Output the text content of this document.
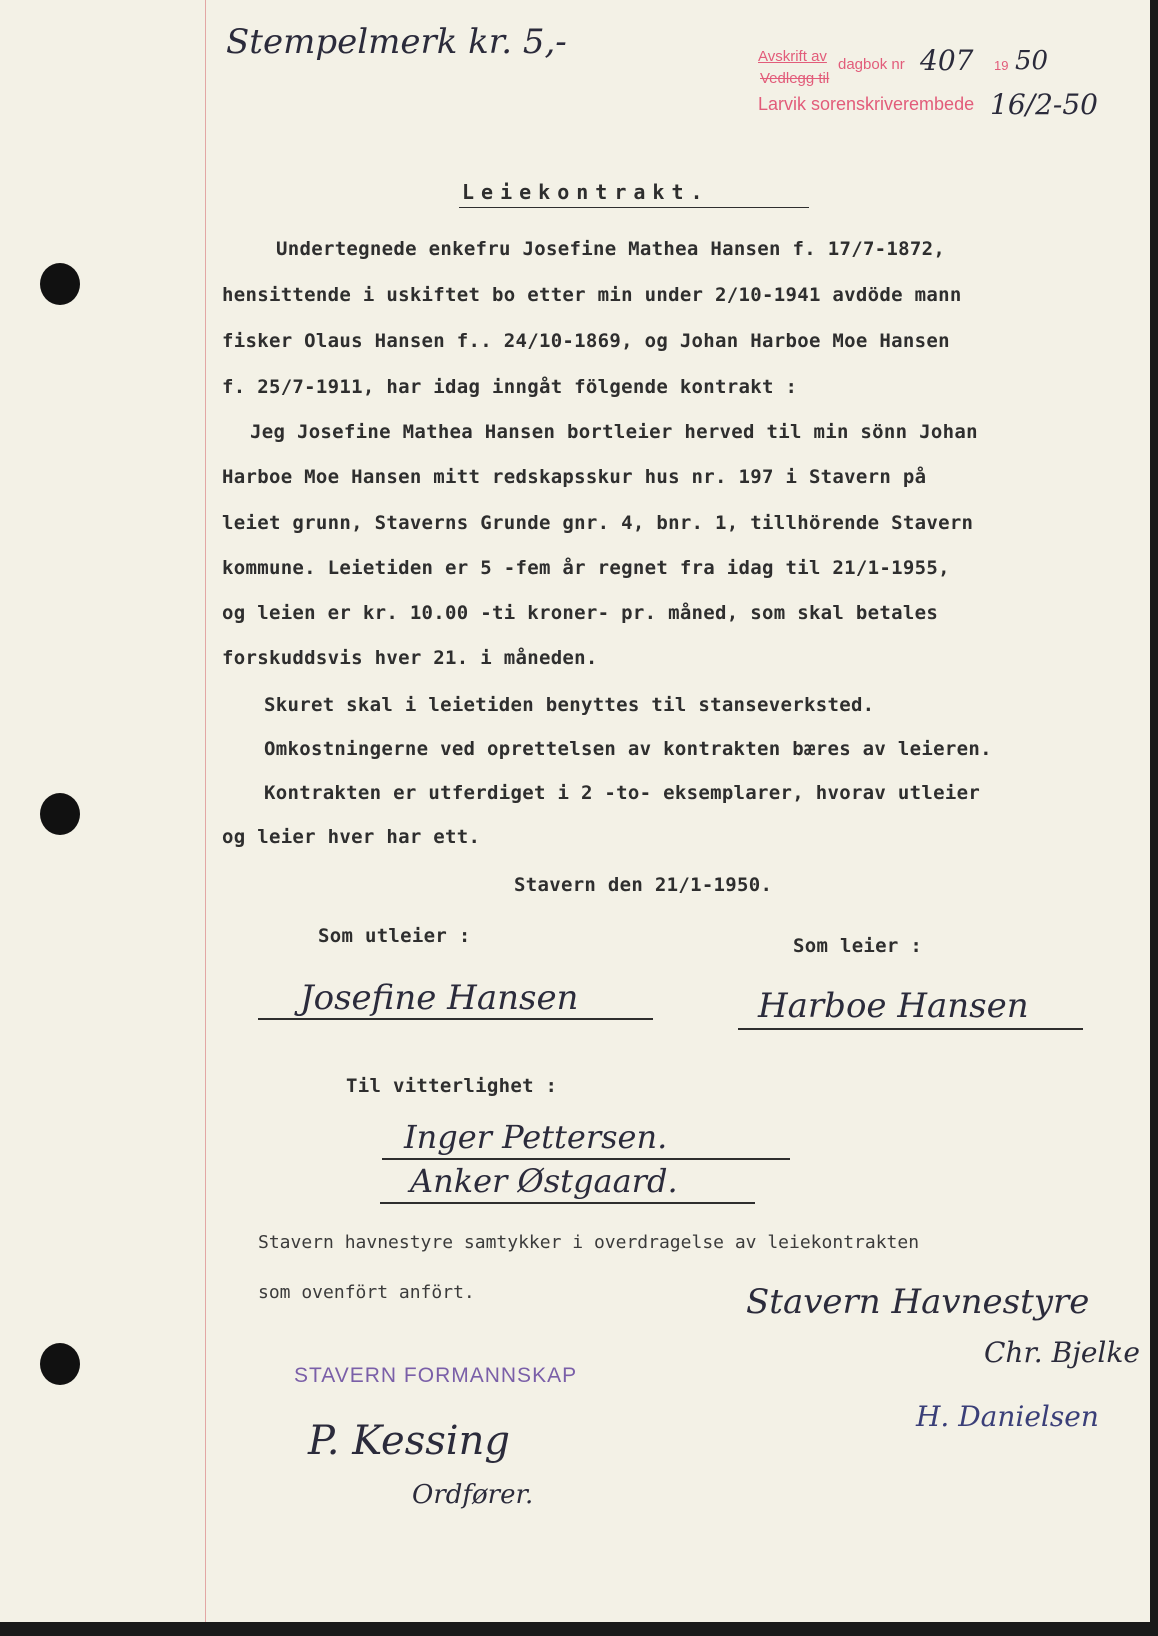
Stempelmerk kr. 5,-	Avskrift av dagbok nr 407 19 50
Vedlegg til
Larvik sorenskriverembede 16/2-50
Leiekontrakt.
Undertegnede enkefru Josefine Mathea Hansen f. 17/7-1872,
hensittende i uskiftet bo etter min under 2/10-1941 avdöde mann
fisker Olaus Hansen f.. 24/10-1869, og Johan Harboe Moe Hansen
f. 25/7-1911, har idag inngåt fölgende kontrakt :
Jeg Josefine Mathea Hansen bortleier herved til min sönn Johan
Harboe Moe Hansen mitt redskapsskur hus nr. 197 i Stavern på
leiet grunn, Staverns Grunde gnr. 4, bnr. 1, tillhörende Stavern
kommune. Leietiden er 5 -fem år regnet fra idag til 21/1-1955,
og leien er kr. 10.00 -ti kroner- pr. måned, som skal betales
forskuddsvis hver 21. i måneden.
Skuret skal i leietiden benyttes til stanseverksted.
Omkostningerne ved oprettelsen av kontrakten bæres av leieren.
Kontrakten er utferdiget i 2 -to- eksemplarer, hvorav utleier
og leier hver har ett.
Stavern den 21/1-1950.
Som utleier :	Som leier :
Josefine Hansen	Harboe Hansen
Til vitterlighet :
Inger Pettersen.
Anker Østgaard.
Stavern havnestyre samtykker i overdragelse av leiekontrakten
som ovenfört anfört.	Stavern Havnestyre
Chr. Bjelke
H. Danielsen
STAVERN FORMANNSKAP
P. Kessing
Ordfører.
